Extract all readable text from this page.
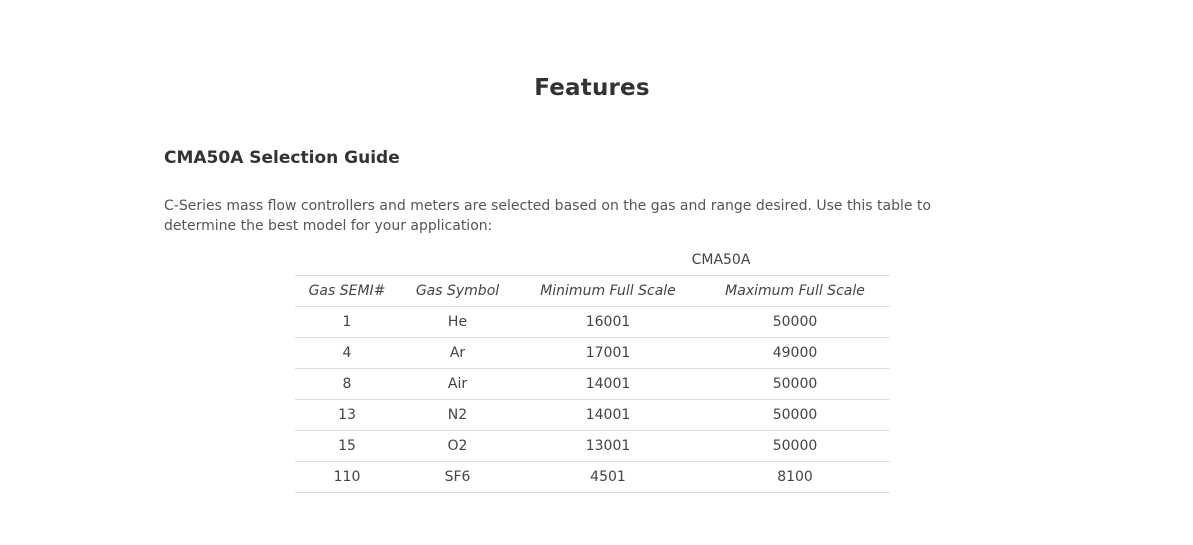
Features
CMA50A Selection Guide
C-Series mass flow controllers and meters are selected based on the gas and range desired. Use this table to determine the best model for your application:
		CMA50A	
Gas SEMI#	Gas Symbol	Minimum Full Scale	Maximum Full Scale
1	He	16001	50000
4	Ar	17001	49000
8	Air	14001	50000
13	N2	14001	50000
15	O2	13001	50000
110	SF6	4501	8100
